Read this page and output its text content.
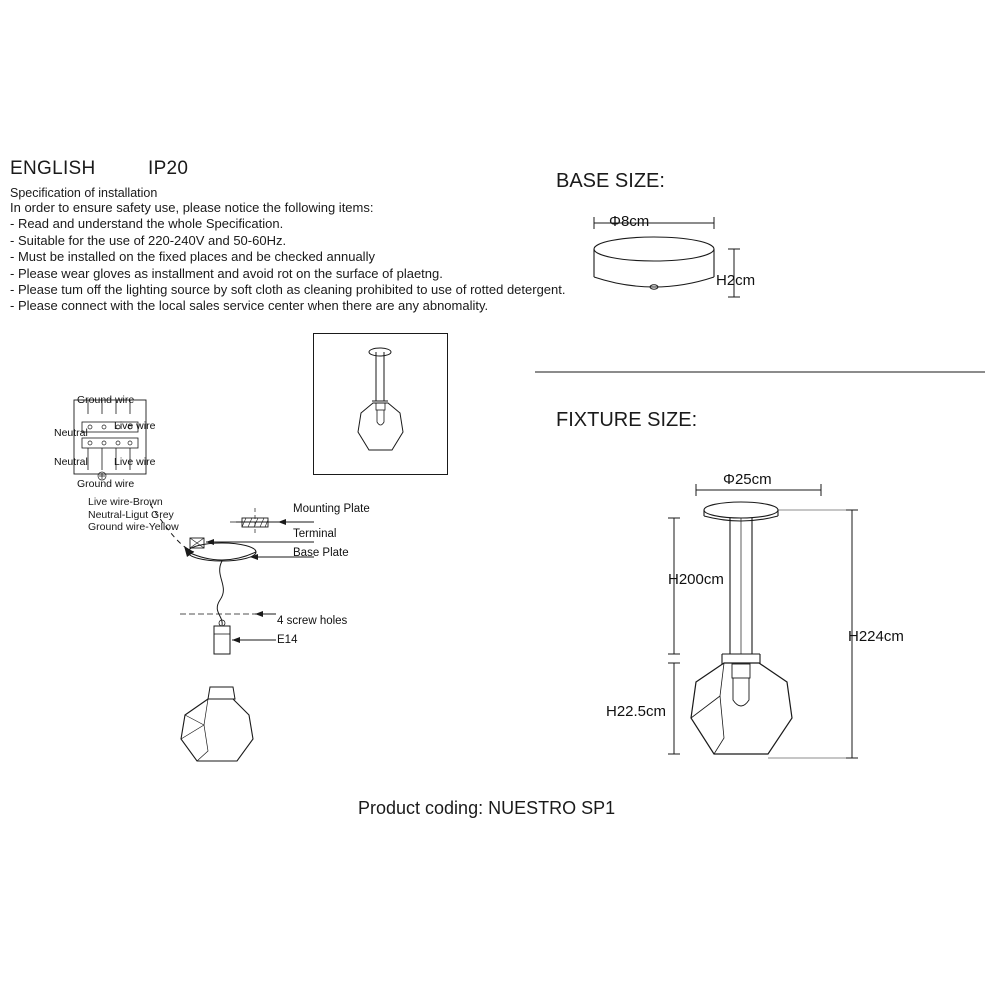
ENGLISH	IP20
Specification of installation
In order to ensure safety use, please notice the following items:
- Read and understand the whole Specification.
- Suitable for the use of 220-240V and 50-60Hz.
- Must be installed on the fixed places and be checked annually
- Please wear gloves as installment and avoid rot on the surface of plaetng.
- Please tum off the lighting source by soft cloth as cleaning prohibited to use of rotted detergent.
- Please connect with the local sales service center when there are any abnomality.
BASE SIZE:
Φ8cm
H2cm
FIXTURE SIZE:
Φ25cm
H200cm
H22.5cm
H224cm
Ground wire
Live wire
Neutral
Neutral Live wire
Ground wire
Live wire-Brown
Neutral-Ligut Grey
Ground wire-Yellow
Mounting Plate
Terminal
Base Plate
4 screw holes
E14
Product coding: NUESTRO SP1
